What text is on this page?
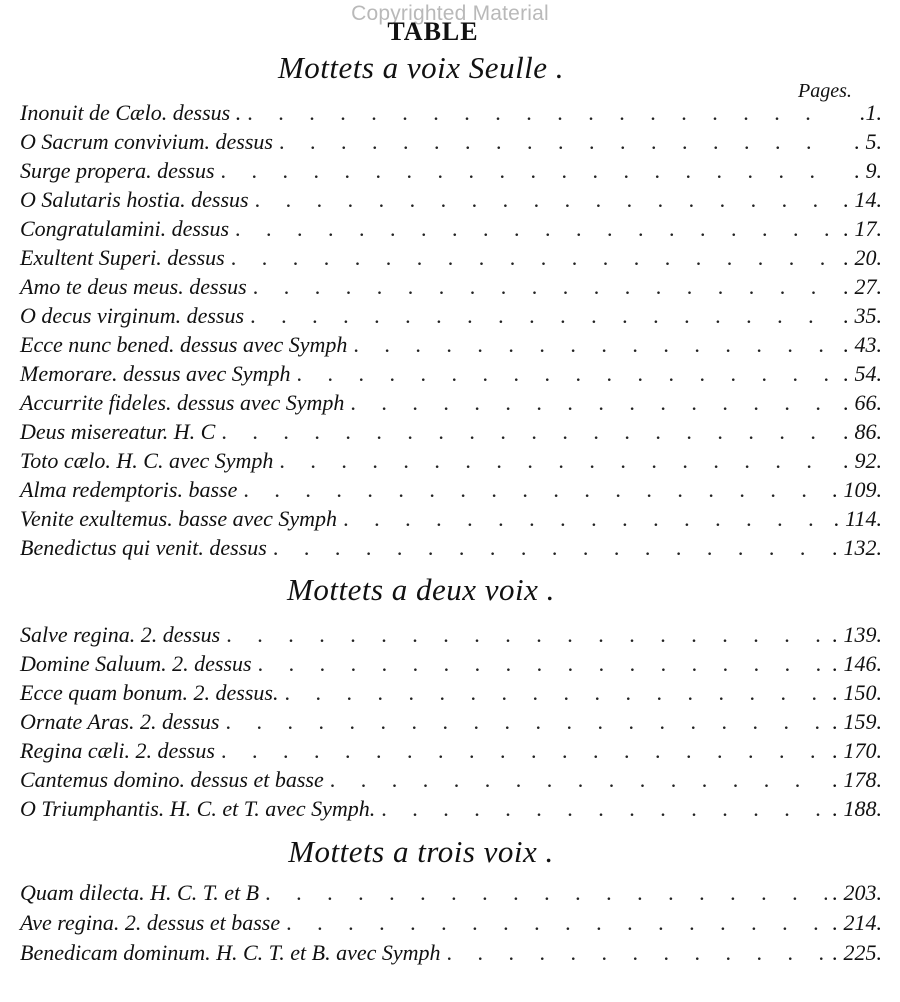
Copyrighted Material
TABLE
Mottets a voix Seulle .
Pages.
Inonuit de Cælo. dessus . . . .	.1.
O Sacrum convivium. dessus . . .	. 5.
Surge propera. dessus . . .	. 9.
O Salutaris hostia. dessus . . .	. 14.
Congratulamini. dessus . . .	. 17.
Exultent Superi. dessus . . .	. 20.
Amo te deus meus. dessus . . .	. 27.
O decus virginum. dessus . . .	. 35.
Ecce nunc bened. dessus avec Symph . . .	. 43.
Memorare. dessus avec Symph . . .	. 54.
Accurrite fideles. dessus avec Symph . . .	. 66.
Deus misereatur. H. C . . .	. 86.
Toto cælo. H. C. avec Symph . . .	. 92.
Alma redemptoris. basse . . .	. 109.
Venite exultemus. basse avec Symph . . .	. 114.
Benedictus qui venit. dessus . . .	. 132.
Mottets a deux voix .
Salve regina. 2. dessus . . .	. 139.
Domine Saluum. 2. dessus . . .	. 146.
Ecce quam bonum. 2. dessus. . . .	. 150.
Ornate Aras. 2. dessus . . .	. 159.
Regina cæli. 2. dessus . . .	. 170.
Cantemus domino. dessus et basse . . .	. 178.
O Triumphantis. H. C. et T. avec Symph. . . .	. 188.
Mottets a trois voix .
Quam dilecta. H. C. T. et B . . .	. 203.
Ave regina. 2. dessus et basse . . .	. 214.
Benedicam dominum. H. C. T. et B. avec Symph . . .	. 225.
